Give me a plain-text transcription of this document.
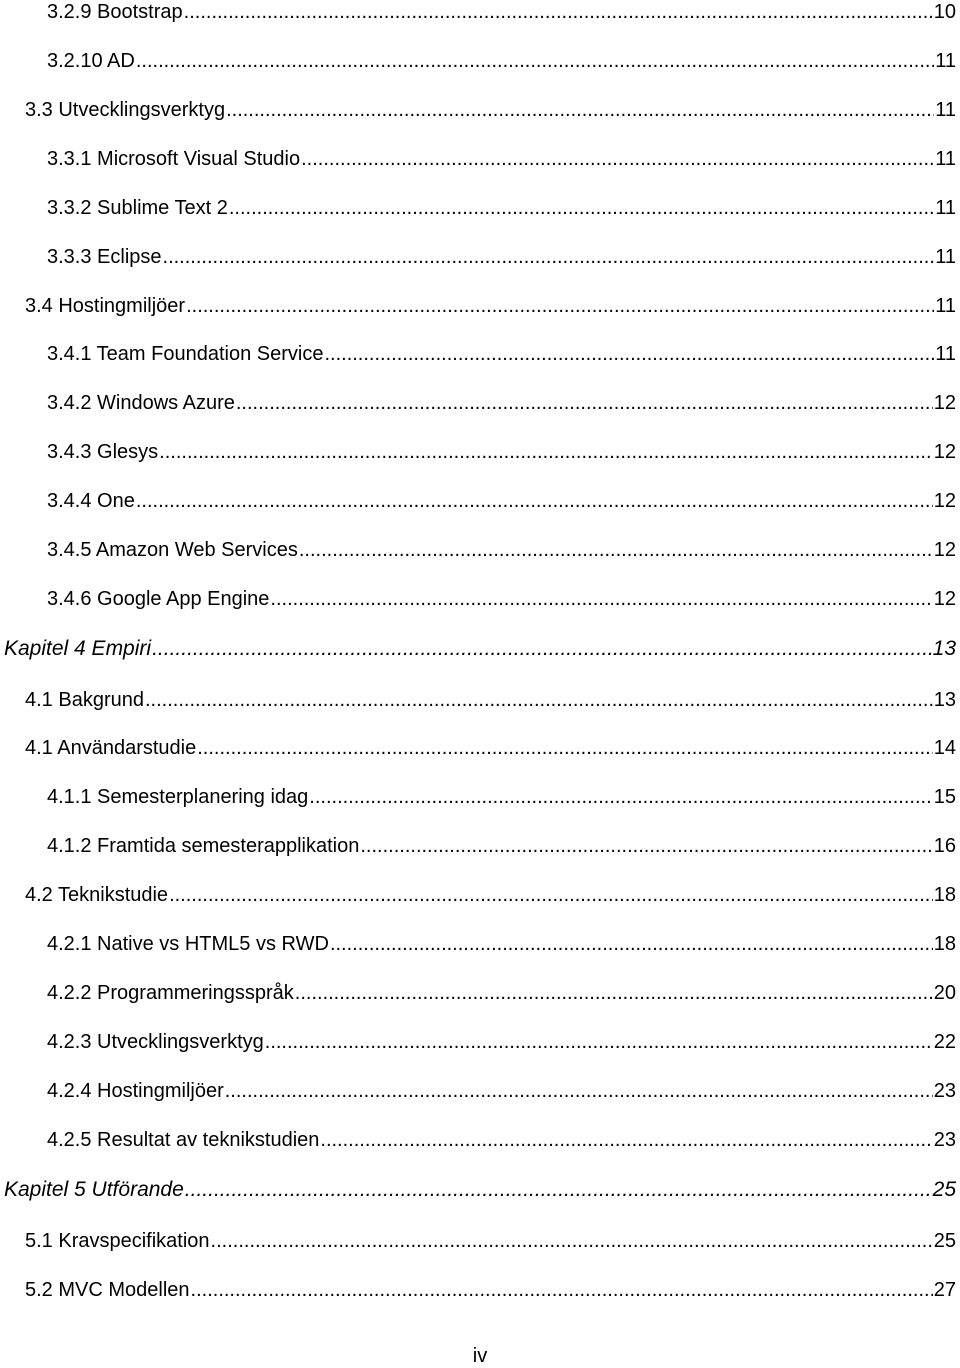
3.2.9 Bootstrap .....	10
3.2.10 AD .....	11
3.3 Utvecklingsverktyg .....	11
3.3.1 Microsoft Visual Studio .....	11
3.3.2 Sublime Text 2 .....	11
3.3.3 Eclipse .....	11
3.4 Hostingmiljöer .....	11
3.4.1 Team Foundation Service .....	11
3.4.2 Windows Azure .....	12
3.4.3 Glesys .....	12
3.4.4 One .....	12
3.4.5 Amazon Web Services .....	12
3.4.6 Google App Engine .....	12
Kapitel 4 Empiri .....	13
4.1 Bakgrund .....	13
4.1 Användarstudie .....	14
4.1.1 Semesterplanering idag .....	15
4.1.2 Framtida semesterapplikation .....	16
4.2 Teknikstudie .....	18
4.2.1 Native vs HTML5 vs RWD .....	18
4.2.2 Programmeringsspråk .....	20
4.2.3 Utvecklingsverktyg .....	22
4.2.4 Hostingmiljöer .....	23
4.2.5 Resultat av teknikstudien .....	23
Kapitel 5 Utförande .....	25
5.1 Kravspecifikation .....	25
5.2 MVC Modellen .....	27
iv
